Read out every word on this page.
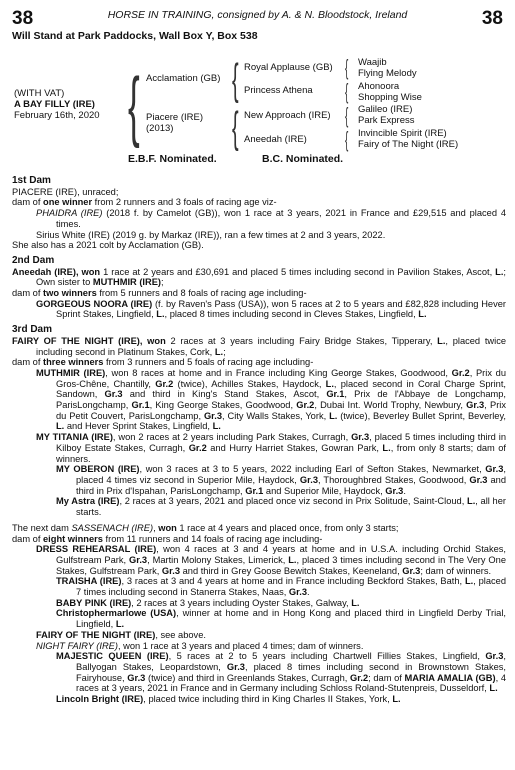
38	HORSE IN TRAINING, consigned by A. & N. Bloodstock, Ireland	38
Will Stand at Park Paddocks, Wall Box Y, Box 538
(WITH VAT)
A BAY FILLY (IRE)
February 16th, 2020 { Acclamation (GB)
Piacere (IRE)
(2013)
{ Royal Applause (GB)
Princess Athena
{ New Approach (IRE)
Aneedah (IRE)
{ Waajib
Flying Melody
{ Ahonoora
Shopping Wise
{ Galileo (IRE)
Park Express
{ Invincible Spirit (IRE)
Fairy of The Night (IRE)
E.B.F. Nominated.	B.C. Nominated.

1st Dam

PIACERE (IRE), unraced;

dam of one winner from 2 runners and 3 foals of racing age viz-

PHAIDRA (IRE) (2018 f. by Camelot (GB)), won 1 race at 3 years, 2021 in France and £29,515 and placed 4 times.

Sirius White (IRE) (2019 g. by Markaz (IRE)), ran a few times at 2 and 3 years, 2022.

She also has a 2021 colt by Acclamation (GB).

2nd Dam

Aneedah (IRE), won 1 race at 2 years and £30,691 and placed 5 times including second in Pavilion Stakes, Ascot, L.; Own sister to MUTHMIR (IRE);

dam of two winners from 5 runners and 8 foals of racing age including-

GORGEOUS NOORA (IRE) (f. by Raven's Pass (USA)), won 5 races at 2 to 5 years and £82,828 including Hever Sprint Stakes, Lingfield, L., placed 8 times including second in Cleves Stakes, Lingfield, L.

3rd Dam

FAIRY OF THE NIGHT (IRE), won 2 races at 3 years including Fairy Bridge Stakes, Tipperary, L., placed twice including second in Platinum Stakes, Cork, L.;

dam of three winners from 3 runners and 5 foals of racing age including-

MUTHMIR (IRE), won 8 races at home and in France including King George Stakes, Goodwood, Gr.2, Prix du Gros-Chêne, Chantilly, Gr.2 (twice), Achilles Stakes, Haydock, L., placed second in Coral Charge Sprint, Sandown, Gr.3 and third in King's Stand Stakes, Ascot, Gr.1, Prix de l'Abbaye de Longchamp, ParisLongchamp, Gr.1, King George Stakes, Goodwood, Gr.2, Dubai Int. World Trophy, Newbury, Gr.3, Prix du Petit Couvert, ParisLongchamp, Gr.3, City Walls Stakes, York, L. (twice), Beverley Bullet Sprint, Beverley, L. and Hever Sprint Stakes, Lingfield, L.

MY TITANIA (IRE), won 2 races at 2 years including Park Stakes, Curragh, Gr.3, placed 5 times including third in Kilboy Estate Stakes, Curragh, Gr.2 and Hurry Harriet Stakes, Gowran Park, L., from only 8 starts; dam of winners.

MY OBERON (IRE), won 3 races at 3 to 5 years, 2022 including Earl of Sefton Stakes, Newmarket, Gr.3, placed 4 times viz second in Superior Mile, Haydock, Gr.3, Thoroughbred Stakes, Goodwood, Gr.3 and third in Prix d'Ispahan, ParisLongchamp, Gr.1 and Superior Mile, Haydock, Gr.3.

My Astra (IRE), 2 races at 3 years, 2021 and placed once viz second in Prix Solitude, Saint-Cloud, L., all her starts.

The next dam SASSENACH (IRE), won 1 race at 4 years and placed once, from only 3 starts;

dam of eight winners from 11 runners and 14 foals of racing age including-

DRESS REHEARSAL (IRE), won 4 races at 3 and 4 years at home and in U.S.A. including Orchid Stakes, Gulfstream Park, Gr.3, Martin Molony Stakes, Limerick, L., placed 3 times including second in The Very One Stakes, Gulfstream Park, Gr.3 and third in Grey Goose Bewitch Stakes, Keeneland, Gr.3; dam of winners.

TRAISHA (IRE), 3 races at 3 and 4 years at home and in France including Beckford Stakes, Bath, L., placed 7 times including second in Stanerra Stakes, Naas, Gr.3.

BABY PINK (IRE), 2 races at 3 years including Oyster Stakes, Galway, L.

Christophermarlowe (USA), winner at home and in Hong Kong and placed third in Lingfield Derby Trial, Lingfield, L.

FAIRY OF THE NIGHT (IRE), see above.

NIGHT FAIRY (IRE), won 1 race at 3 years and placed 4 times; dam of winners.

MAJESTIC QUEEN (IRE), 5 races at 2 to 5 years including Chartwell Fillies Stakes, Lingfield, Gr.3, Ballyogan Stakes, Leopardstown, Gr.3, placed 8 times including second in Brownstown Stakes, Fairyhouse, Gr.3 (twice) and third in Greenlands Stakes, Curragh, Gr.2; dam of MARIA AMALIA (GB), 4 races at 3 years, 2021 in France and in Germany including Schloss Roland-Stutenpreis, Dusseldorf, L.

Lincoln Bright (IRE), placed twice including third in King Charles II Stakes, York, L.
